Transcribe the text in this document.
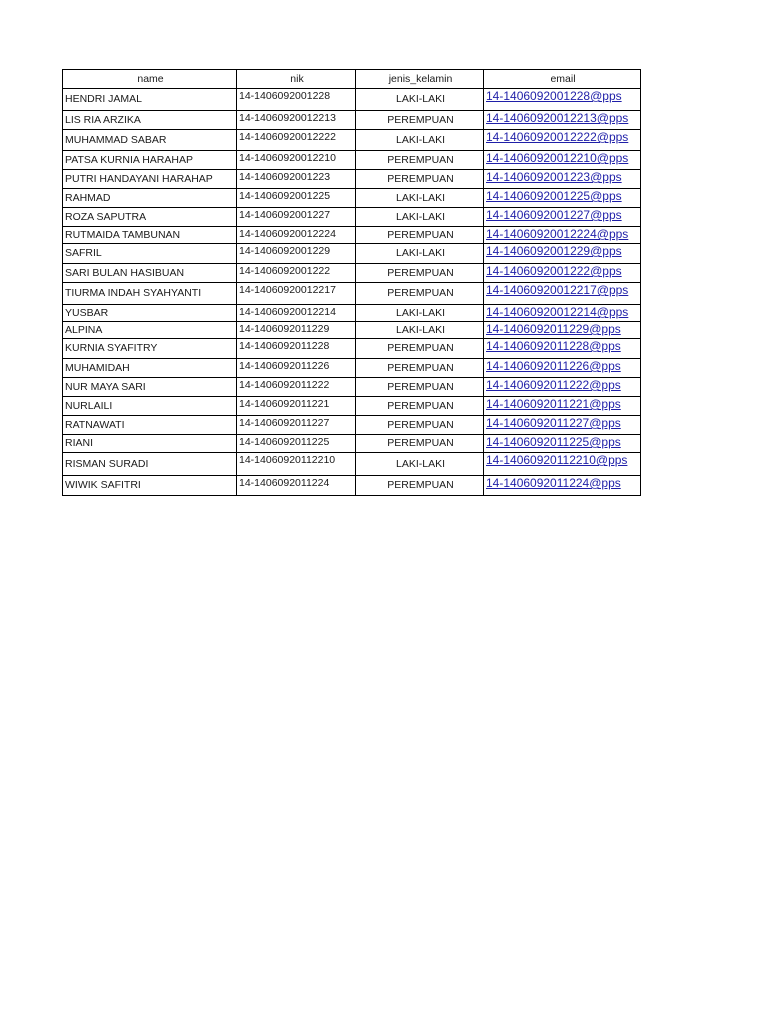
name	nik	jenis_kelamin	email
HENDRI JAMAL	14-1406092001228	LAKI-LAKI	14-1406092001228@pps
LIS RIA ARZIKA	14-14060920012213	PEREMPUAN	14-14060920012213@pps
MUHAMMAD SABAR	14-14060920012222	LAKI-LAKI	14-14060920012222@pps
PATSA KURNIA HARAHAP	14-14060920012210	PEREMPUAN	14-14060920012210@pps
PUTRI HANDAYANI HARAHAP	14-1406092001223	PEREMPUAN	14-1406092001223@pps
RAHMAD	14-1406092001225	LAKI-LAKI	14-1406092001225@pps
ROZA SAPUTRA	14-1406092001227	LAKI-LAKI	14-1406092001227@pps
RUTMAIDA TAMBUNAN	14-14060920012224	PEREMPUAN	14-14060920012224@pps
SAFRIL	14-1406092001229	LAKI-LAKI	14-1406092001229@pps
SARI BULAN HASIBUAN	14-1406092001222	PEREMPUAN	14-1406092001222@pps
TIURMA INDAH SYAHYANTI	14-14060920012217	PEREMPUAN	14-14060920012217@pps
YUSBAR	14-14060920012214	LAKI-LAKI	14-14060920012214@pps
ALPINA	14-1406092011229	LAKI-LAKI	14-1406092011229@pps
KURNIA SYAFITRY	14-1406092011228	PEREMPUAN	14-1406092011228@pps
MUHAMIDAH	14-1406092011226	PEREMPUAN	14-1406092011226@pps
NUR MAYA SARI	14-1406092011222	PEREMPUAN	14-1406092011222@pps
NURLAILI	14-1406092011221	PEREMPUAN	14-1406092011221@pps
RATNAWATI	14-1406092011227	PEREMPUAN	14-1406092011227@pps
RIANI	14-1406092011225	PEREMPUAN	14-1406092011225@pps
RISMAN SURADI	14-14060920112210	LAKI-LAKI	14-14060920112210@pps
WIWIK SAFITRI	14-1406092011224	PEREMPUAN	14-1406092011224@pps
